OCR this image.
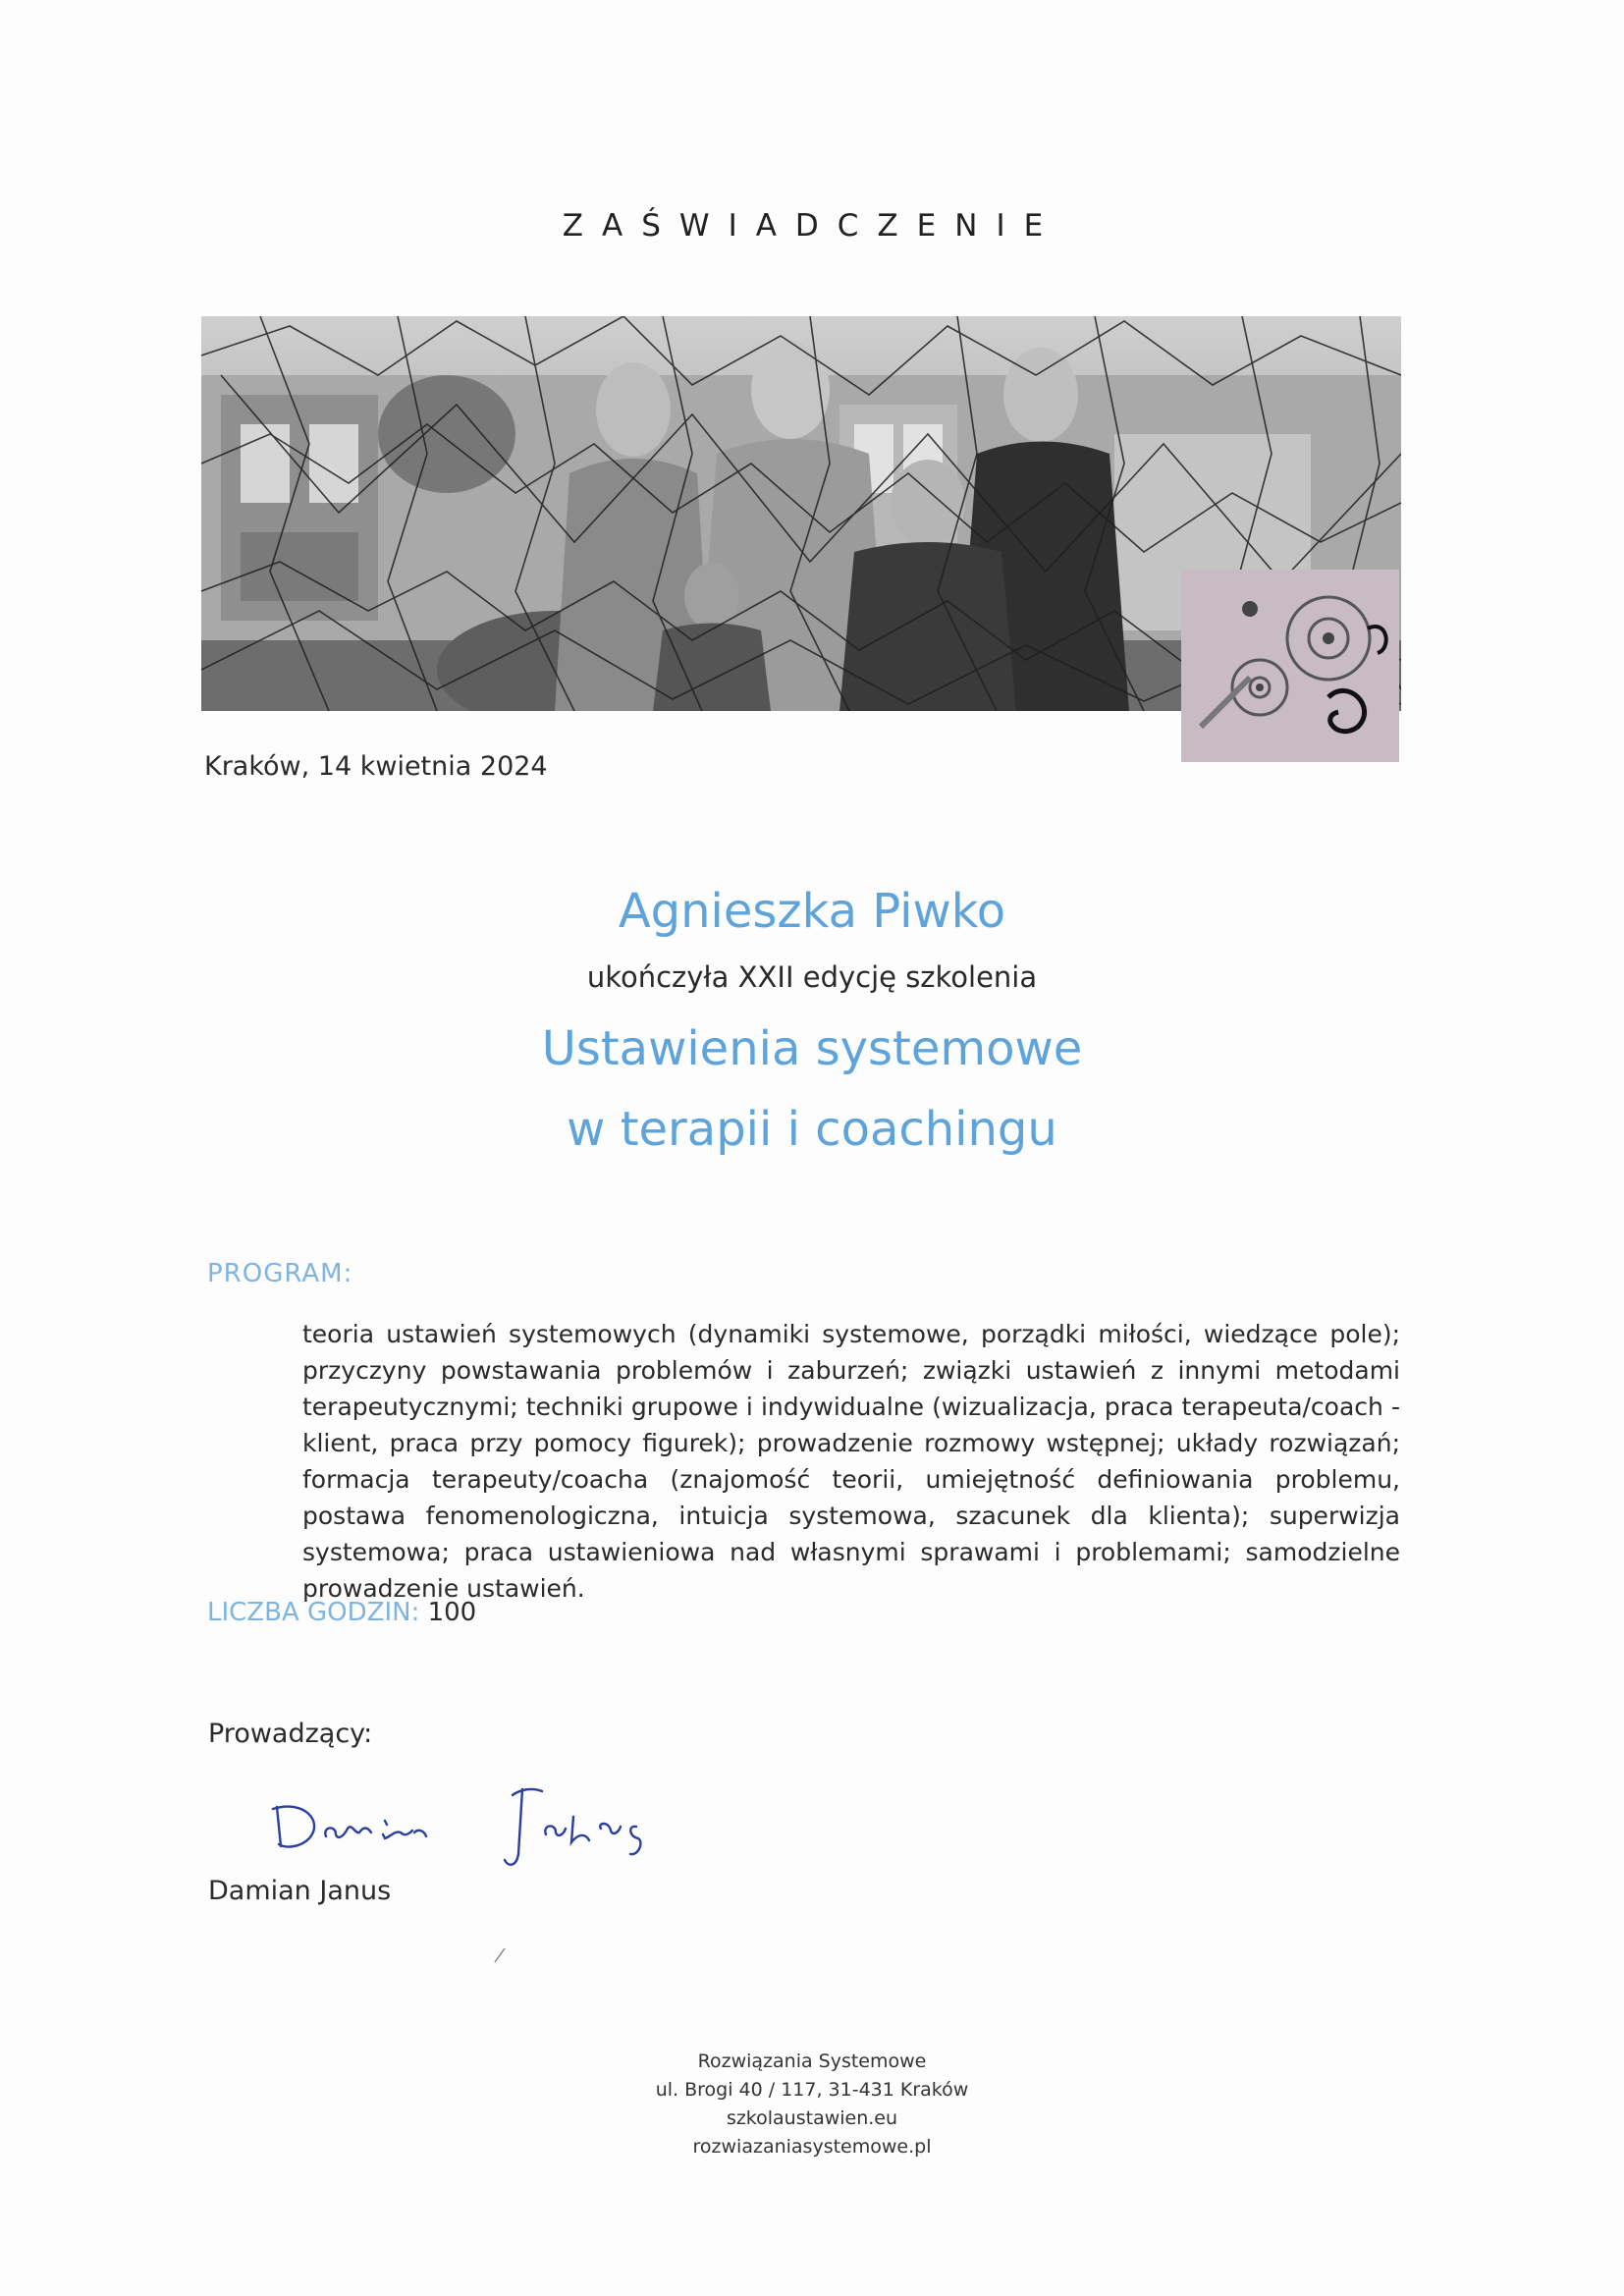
ZAŚWIADCZENIE
Kraków, 14 kwietnia 2024
Agnieszka Piwko
ukończyła XXII edycję szkolenia
Ustawienia systemowe
w terapii i coachingu
PROGRAM:
teoria ustawień systemowych (dynamiki systemowe, porządki miłości, wiedzące pole); przyczyny powstawania problemów i zaburzeń; związki ustawień z innymi metodami terapeutycznymi; techniki grupowe i indywidualne (wizualizacja, praca terapeuta/coach - klient, praca przy pomocy figurek); prowadzenie rozmowy wstępnej; układy rozwiązań; formacja terapeuty/coacha (znajomość teorii, umiejętność definiowania problemu, postawa fenomenologiczna, intuicja systemowa, szacunek dla klienta); superwizja systemowa; praca ustawieniowa nad własnymi sprawami i problemami; samodzielne prowadzenie ustawień.
LICZBA GODZIN: 100
Prowadzący:
Damian Janus
Rozwiązania Systemowe
ul. Brogi 40 / 117, 31-431 Kraków
szkolaustawien.eu
rozwiazaniasystemowe.pl
